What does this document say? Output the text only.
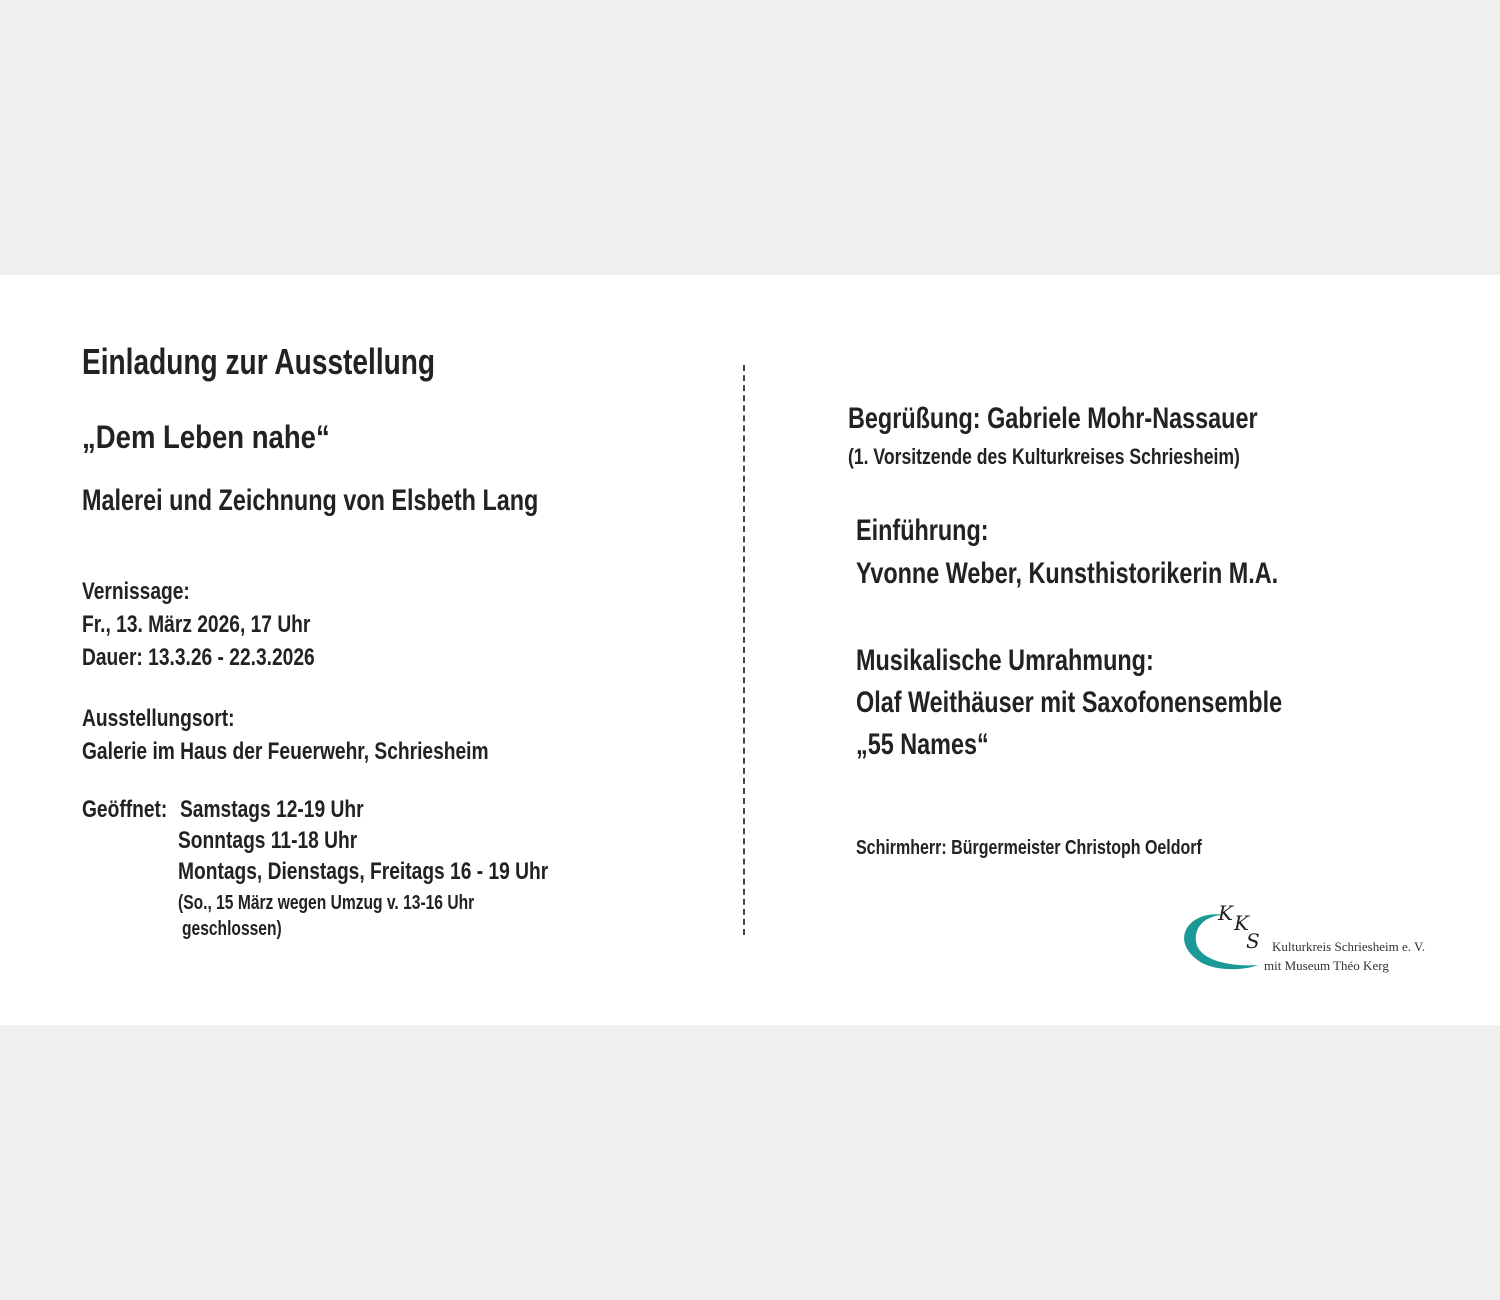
Einladung zur Ausstellung
„Dem Leben nahe“
Malerei und Zeichnung von Elsbeth Lang
Vernissage:
Fr., 13. März 2026, 17 Uhr
Dauer: 13.3.26 - 22.3.2026
Ausstellungsort:
Galerie im Haus der Feuerwehr, Schriesheim
Geöffnet: Samstags 12-19 Uhr
Sonntags 11-18 Uhr
Montags, Dienstags, Freitags 16 - 19 Uhr
(So., 15 März wegen Umzug v. 13-16 Uhr
geschlossen)
Begrüßung: Gabriele Mohr-Nassauer
(1. Vorsitzende des Kulturkreises Schriesheim)
Einführung:
Yvonne Weber, Kunsthistorikerin M.A.
Musikalische Umrahmung:
Olaf Weithäuser mit Saxofonensemble
„55 Names“
Schirmherr: Bürgermeister Christoph Oeldorf
K K
S Kulturkreis Schriesheim e. V.
mit Museum Théo Kerg
